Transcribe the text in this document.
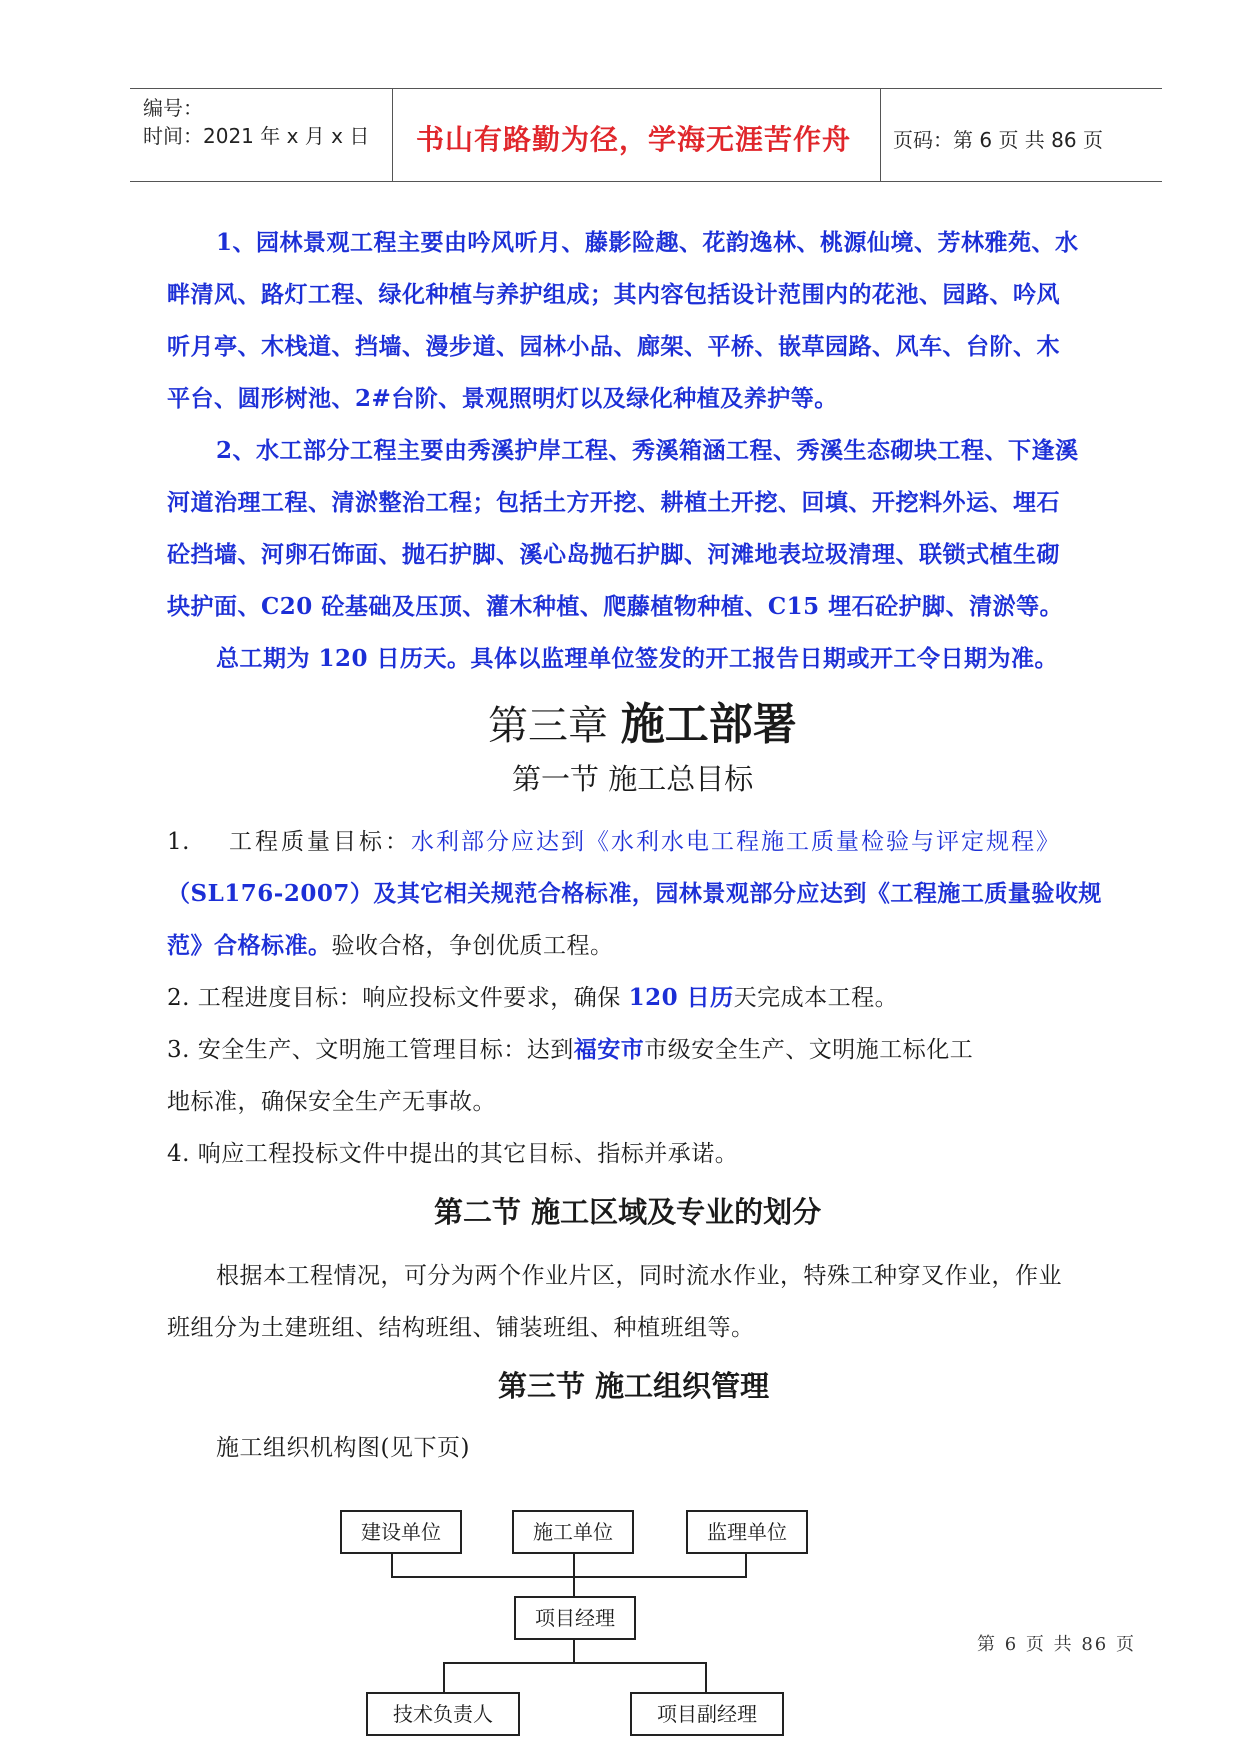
编号：
时间：2021 年 x 月 x 日 书山有路勤为径，学海无涯苦作舟 页码：第 6 页 共 86 页
1、园林景观工程主要由吟风听月、藤影险趣、花韵逸林、桃源仙境、芳林雅苑、水
畔清风、路灯工程、绿化种植与养护组成；其内容包括设计范围内的花池、园路、吟风
听月亭、木栈道、挡墙、漫步道、园林小品、廊架、平桥、嵌草园路、风车、台阶、木
平台、圆形树池、2#台阶、景观照明灯以及绿化种植及养护等。
2、水工部分工程主要由秀溪护岸工程、秀溪箱涵工程、秀溪生态砌块工程、下逢溪
河道治理工程、清淤整治工程；包括土方开挖、耕植土开挖、回填、开挖料外运、埋石
砼挡墙、河卵石饰面、抛石护脚、溪心岛抛石护脚、河滩地表垃圾清理、联锁式植生砌
块护面、C20 砼基础及压顶、灌木种植、爬藤植物种植、C15 埋石砼护脚、清淤等。
总工期为 120 日历天。具体以监理单位签发的开工报告日期或开工令日期为准。
第三章 施工部署
第一节 施工总目标
1. 工程质量目标：水利部分应达到《水利水电工程施工质量检验与评定规程》
（SL176-2007）及其它相关规范合格标准，园林景观部分应达到《工程施工质量验收规
范》合格标准。验收合格，争创优质工程。
2. 工程进度目标：响应投标文件要求，确保 120 日历天完成本工程。
3. 安全生产、文明施工管理目标：达到福安市市级安全生产、文明施工标化工
地标准，确保安全生产无事故。
4. 响应工程投标文件中提出的其它目标、指标并承诺。
第二节 施工区域及专业的划分
根据本工程情况，可分为两个作业片区，同时流水作业，特殊工种穿叉作业，作业
班组分为土建班组、结构班组、铺装班组、种植班组等。
第三节 施工组织管理
施工组织机构图(见下页)
建设单位	施工单位	监理单位
项目经理
技术负责人	项目副经理
第 6 页 共 86 页
